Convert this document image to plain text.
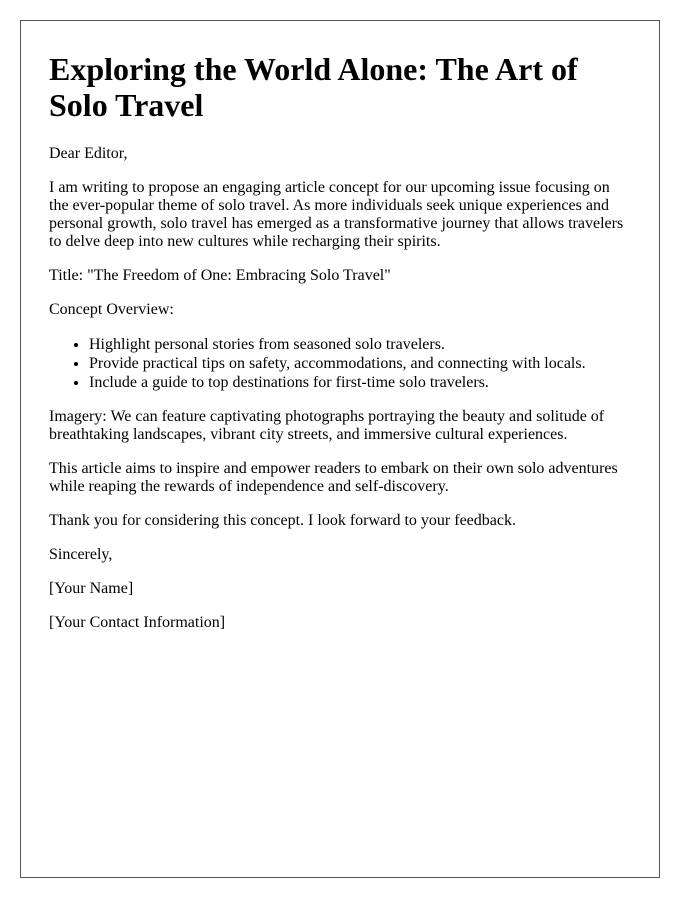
Exploring the World Alone: The Art of Solo Travel

Dear Editor,

I am writing to propose an engaging article concept for our upcoming issue focusing on the ever-popular theme of solo travel. As more individuals seek unique experiences and personal growth, solo travel has emerged as a transformative journey that allows travelers to delve deep into new cultures while recharging their spirits.

Title: "The Freedom of One: Embracing Solo Travel"

Concept Overview:

• Highlight personal stories from seasoned solo travelers.
• Provide practical tips on safety, accommodations, and connecting with locals.
• Include a guide to top destinations for first-time solo travelers.

Imagery: We can feature captivating photographs portraying the beauty and solitude of breathtaking landscapes, vibrant city streets, and immersive cultural experiences.

This article aims to inspire and empower readers to embark on their own solo adventures while reaping the rewards of independence and self-discovery.

Thank you for considering this concept. I look forward to your feedback.

Sincerely,

[Your Name]

[Your Contact Information]
